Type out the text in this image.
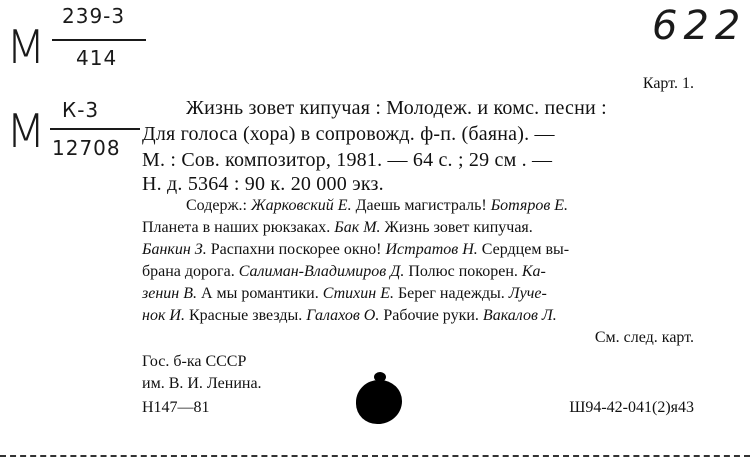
М
239-3
414
М К-3
12708
622

Карт. 1.

Жизнь зовет кипучая : Молодеж. и комс. песни :

Для голоса (хора) в сопровожд. ф-п. (баяна). —

М. : Сов. композитор, 1981. — 64 с. ; 29 см . —

Н. д. 5364 : 90 к. 20 000 экз.

Содерж.: Жарковский Е. Даешь магистраль! Ботяров Е.

Планета в наших рюкзаках. Бак М. Жизнь зовет кипучая.

Банкин З. Распахни поскорее окно! Истратов Н. Сердцем вы-

брана дорога. Салиман-Владимиров Д. Полюс покорен. Ка-

зенин В. А мы романтики. Стихин Е. Берег надежды. Луче-

нок И. Красные звезды. Галахов О. Рабочие руки. Вакалов Л.

См. след. карт.

Гос. б-ка СССР

им. В. И. Ленина.

Н147—81	Ш94-42-041(2)я43
